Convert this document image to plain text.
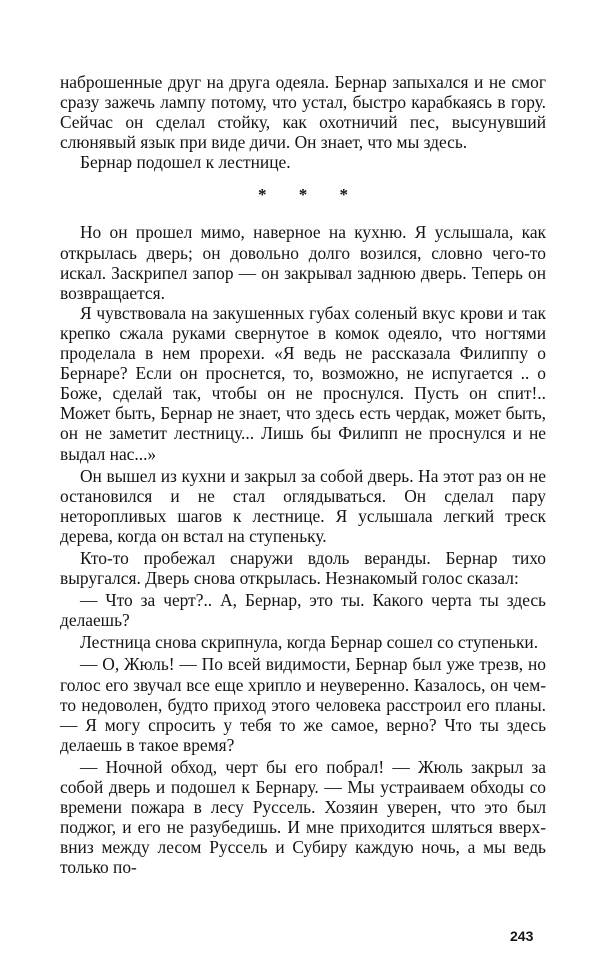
наброшенные друг на друга одеяла. Бернар запыхался и не смог сразу зажечь лампу потому, что устал, быстро карабкаясь в гору. Сейчас он сделал стойку, как охотничий пес, высунувший слюнявый язык при виде дичи. Он знает, что мы здесь.

Бернар подошел к лестнице.

* * *

Но он прошел мимо, наверное на кухню. Я услышала, как открылась дверь; он довольно долго возился, словно чего-то искал. Заскрипел запор — он закрывал заднюю дверь. Теперь он возвращается.

Я чувствовала на закушенных губах соленый вкус крови и так крепко сжала руками свернутое в комок одеяло, что ногтями проделала в нем прорехи. «Я ведь не рассказала Филиппу о Бернаре? Если он проснется, то, возможно, не испугается .. о Боже, сделай так, чтобы он не проснулся. Пусть он спит!.. Может быть, Бернар не знает, что здесь есть чердак, может быть, он не заметит лестницу... Лишь бы Филипп не проснулся и не выдал нас...»

Он вышел из кухни и закрыл за собой дверь. На этот раз он не остановился и не стал оглядываться. Он сделал пару неторопливых шагов к лестнице. Я услышала легкий треск дерева, когда он встал на ступеньку.

Кто-то пробежал снаружи вдоль веранды. Бернар тихо выругался. Дверь снова открылась. Незнакомый голос сказал:

— Что за черт?.. А, Бернар, это ты. Какого черта ты здесь делаешь?

Лестница снова скрипнула, когда Бернар сошел со ступеньки.

— О, Жюль! — По всей видимости, Бернар был уже трезв, но голос его звучал все еще хрипло и неуверенно. Казалось, он чем-то недоволен, будто приход этого человека расстроил его планы. — Я могу спросить у тебя то же самое, верно? Что ты здесь делаешь в такое время?

— Ночной обход, черт бы его побрал! — Жюль закрыл за собой дверь и подошел к Бернару. — Мы устраиваем обходы со времени пожара в лесу Руссель. Хозяин уверен, что это был поджог, и его не разубедишь. И мне приходится шляться вверх-вниз между лесом Руссель и Субиру каждую ночь, а мы ведь только по-

243
